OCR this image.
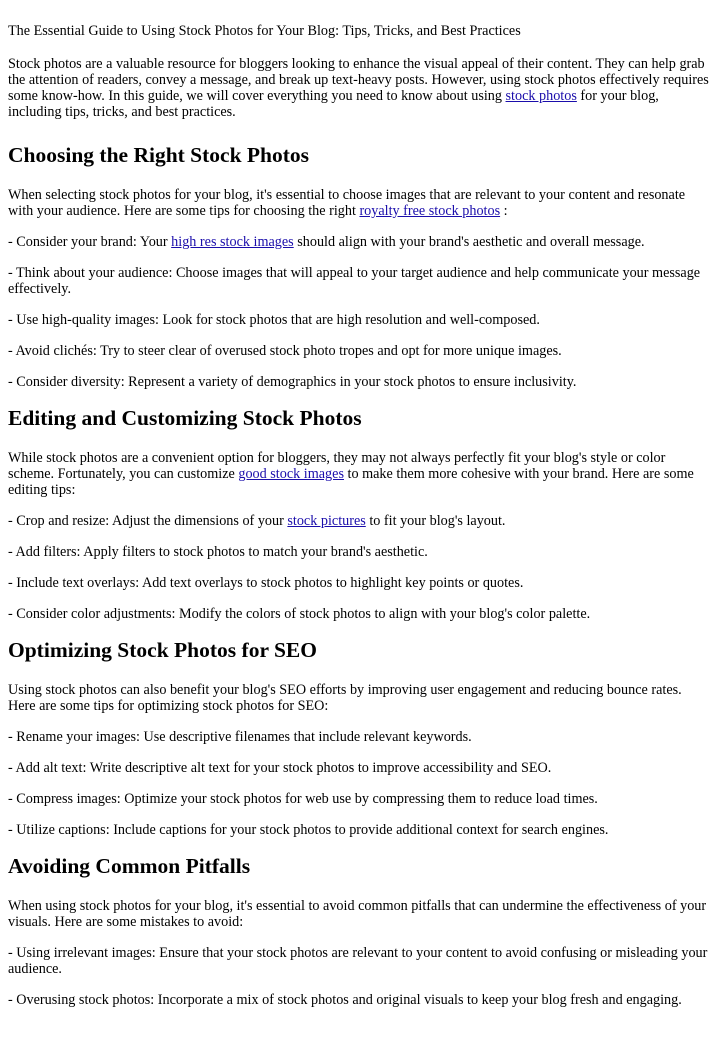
The Essential Guide to Using Stock Photos for Your Blog: Tips, Tricks, and Best Practices

Stock photos are a valuable resource for bloggers looking to enhance the visual appeal of their content. They can help grab the attention of readers, convey a message, and break up text-heavy posts. However, using stock photos effectively requires some know-how. In this guide, we will cover everything you need to know about using stock photos for your blog, including tips, tricks, and best practices.

Choosing the Right Stock Photos

When selecting stock photos for your blog, it's essential to choose images that are relevant to your content and resonate with your audience. Here are some tips for choosing the right royalty free stock photos :

- Consider your brand: Your high res stock images should align with your brand's aesthetic and overall message.

- Think about your audience: Choose images that will appeal to your target audience and help communicate your message effectively.

- Use high-quality images: Look for stock photos that are high resolution and well-composed.

- Avoid clichés: Try to steer clear of overused stock photo tropes and opt for more unique images.

- Consider diversity: Represent a variety of demographics in your stock photos to ensure inclusivity.

Editing and Customizing Stock Photos

While stock photos are a convenient option for bloggers, they may not always perfectly fit your blog's style or color scheme. Fortunately, you can customize good stock images to make them more cohesive with your brand. Here are some editing tips:

- Crop and resize: Adjust the dimensions of your stock pictures to fit your blog's layout.

- Add filters: Apply filters to stock photos to match your brand's aesthetic.

- Include text overlays: Add text overlays to stock photos to highlight key points or quotes.

- Consider color adjustments: Modify the colors of stock photos to align with your blog's color palette.

Optimizing Stock Photos for SEO

Using stock photos can also benefit your blog's SEO efforts by improving user engagement and reducing bounce rates. Here are some tips for optimizing stock photos for SEO:

- Rename your images: Use descriptive filenames that include relevant keywords.

- Add alt text: Write descriptive alt text for your stock photos to improve accessibility and SEO.

- Compress images: Optimize your stock photos for web use by compressing them to reduce load times.

- Utilize captions: Include captions for your stock photos to provide additional context for search engines.

Avoiding Common Pitfalls

When using stock photos for your blog, it's essential to avoid common pitfalls that can undermine the effectiveness of your visuals. Here are some mistakes to avoid:

- Using irrelevant images: Ensure that your stock photos are relevant to your content to avoid confusing or misleading your audience.

- Overusing stock photos: Incorporate a mix of stock photos and original visuals to keep your blog fresh and engaging.
